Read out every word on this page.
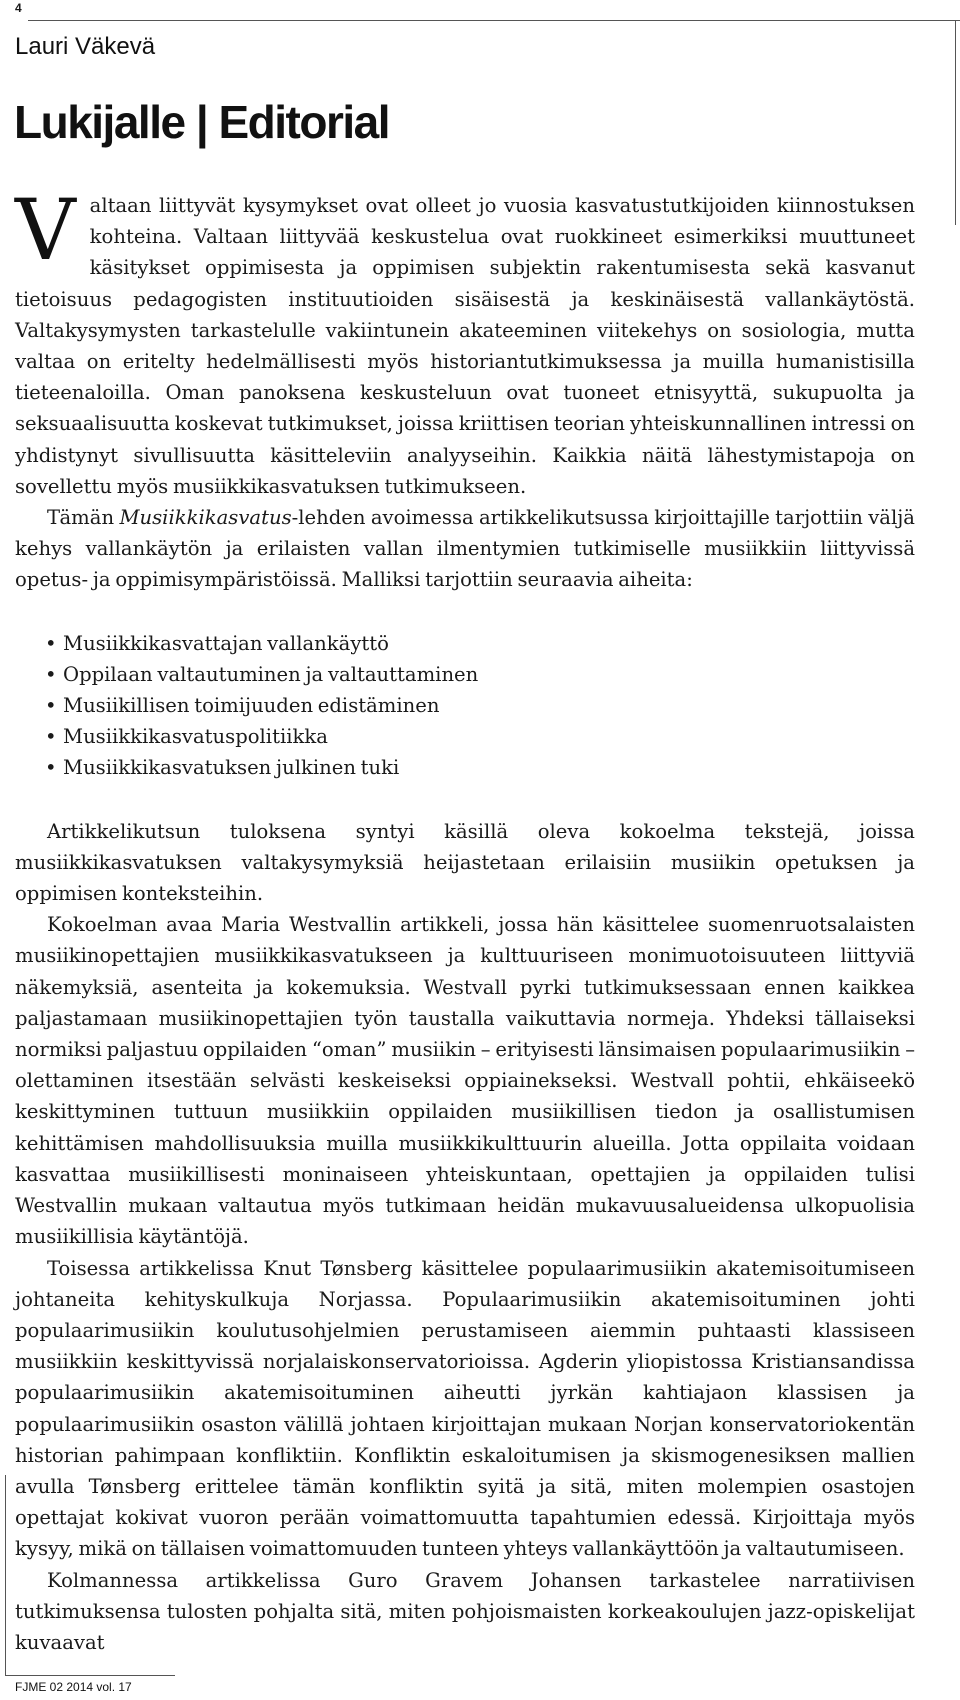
4
Lauri Väkevä
Lukijalle | Editorial

Valtaan liittyvät kysymykset ovat olleet jo vuosia kasvatustutkijoiden kiinnostuksen kohteina. Valtaan liittyvää keskustelua ovat ruokkineet esimerkiksi muuttuneet käsitykset oppimisesta ja oppimisen subjektin rakentumisesta sekä kasvanut tietoisuus pedagogisten instituutioiden sisäisestä ja keskinäisestä vallankäytöstä. Valtakysymysten tarkastelulle vakiintunein akateeminen viitekehys on sosiologia, mutta valtaa on eritelty hedelmällisesti myös historiantutkimuksessa ja muilla humanistisilla tieteenaloilla. Oman panoksena keskusteluun ovat tuoneet etnisyyttä, sukupuolta ja seksuaalisuutta koskevat tutkimukset, joissa kriittisen teorian yhteiskunnallinen intressi on yhdistynyt sivullisuutta käsitteleviin analyyseihin. Kaikkia näitä lähestymistapoja on sovellettu myös musiikkikasvatuksen tutkimukseen.

Tämän Musiikkikasvatus-lehden avoimessa artikkelikutsussa kirjoittajille tarjottiin väljä kehys vallankäytön ja erilaisten vallan ilmentymien tutkimiselle musiikkiin liittyvissä opetus- ja oppimisympäristöissä. Malliksi tarjottiin seuraavia aiheita:

• Musiikkikasvattajan vallankäyttö
• Oppilaan valtautuminen ja valtauttaminen
• Musiikillisen toimijuuden edistäminen
• Musiikkikasvatuspolitiikka
• Musiikkikasvatuksen julkinen tuki

Artikkelikutsun tuloksena syntyi käsillä oleva kokoelma tekstejä, joissa musiikkikasvatuksen valtakysymyksiä heijastetaan erilaisiin musiikin opetuksen ja oppimisen konteksteihin.

Kokoelman avaa Maria Westvallin artikkeli, jossa hän käsittelee suomenruotsalaisten musiikinopettajien musiikkikasvatukseen ja kulttuuriseen monimuotoisuuteen liittyviä näkemyksiä, asenteita ja kokemuksia. Westvall pyrki tutkimuksessaan ennen kaikkea paljastamaan musiikinopettajien työn taustalla vaikuttavia normeja. Yhdeksi tällaiseksi normiksi paljastuu oppilaiden “oman” musiikin – erityisesti länsimaisen populaarimusiikin – olettaminen itsestään selvästi keskeiseksi oppiainekseksi. Westvall pohtii, ehkäiseekö keskittyminen tuttuun musiikkiin oppilaiden musiikillisen tiedon ja osallistumisen kehittämisen mahdollisuuksia muilla musiikkikulttuurin alueilla. Jotta oppilaita voidaan kasvattaa musiikillisesti moninaiseen yhteiskuntaan, opettajien ja oppilaiden tulisi Westvallin mukaan valtautua myös tutkimaan heidän mukavuusalueidensa ulkopuolisia musiikillisia käytäntöjä.

Toisessa artikkelissa Knut Tønsberg käsittelee populaarimusiikin akatemisoitumiseen johtaneita kehityskulkuja Norjassa. Populaarimusiikin akatemisoituminen johti populaarimusiikin koulutusohjelmien perustamiseen aiemmin puhtaasti klassiseen musiikkiin keskittyvissä norjalaiskonservatorioissa. Agderin yliopistossa Kristiansandissa populaarimusiikin akatemisoituminen aiheutti jyrkän kahtiajaon klassisen ja populaarimusiikin osaston välillä johtaen kirjoittajan mukaan Norjan konservatoriokentän historian pahimpaan konfliktiin. Konfliktin eskaloitumisen ja skismogenesiksen mallien avulla Tønsberg erittelee tämän konfliktin syitä ja sitä, miten molempien osastojen opettajat kokivat vuoron perään voimattomuutta tapahtumien edessä. Kirjoittaja myös kysyy, mikä on tällaisen voimattomuuden tunteen yhteys vallankäyttöön ja valtautumiseen.

Kolmannessa artikkelissa Guro Gravem Johansen tarkastelee narratiivisen tutkimuksensa tulosten pohjalta sitä, miten pohjoismaisten korkeakoulujen jazz-opiskelijat kuvaavat

FJME 02 2014 vol. 17
